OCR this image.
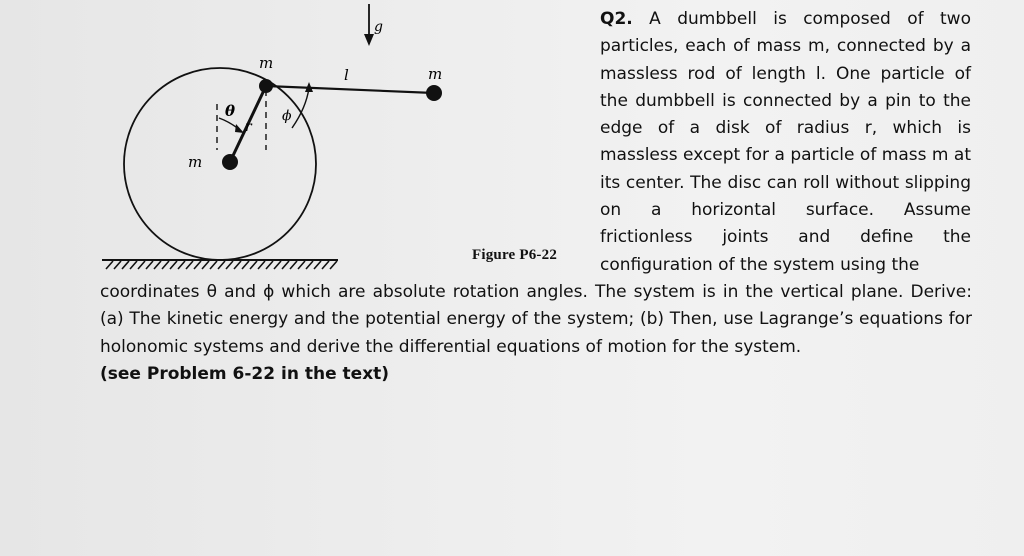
g
m
l	m
θ
r
ϕ
m
Figure P6-22
Q2. A dumbbell is composed of two particles, each of mass m, connected by a massless rod of length l. One particle of the dumbbell is connected by a pin to the edge of a disk of radius r, which is massless except for a particle of mass m at its center. The disc can roll without slipping on a horizontal surface. Assume frictionless joints and define the configuration of the system using the
coordinates θ and ϕ which are absolute rotation angles. The system is in the vertical plane. Derive: (a) The kinetic energy and the potential energy of the system; (b) Then, use Lagrange’s equations for holonomic systems and derive the differential equations of motion for the system.
(see Problem 6-22 in the text)
